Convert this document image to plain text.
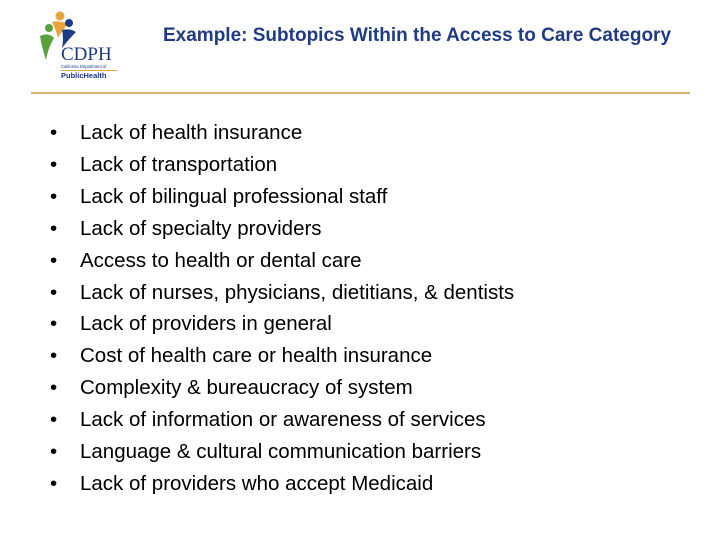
CDPH
California Department of
PublicHealth
Example: Subtopics Within the Access to Care Category
• Lack of health insurance
• Lack of transportation
• Lack of bilingual professional staff
• Lack of specialty providers
• Access to health or dental care
• Lack of nurses, physicians, dietitians, & dentists
• Lack of providers in general
• Cost of health care or health insurance
• Complexity & bureaucracy of system
• Lack of information or awareness of services
• Language & cultural communication barriers
• Lack of providers who accept Medicaid
